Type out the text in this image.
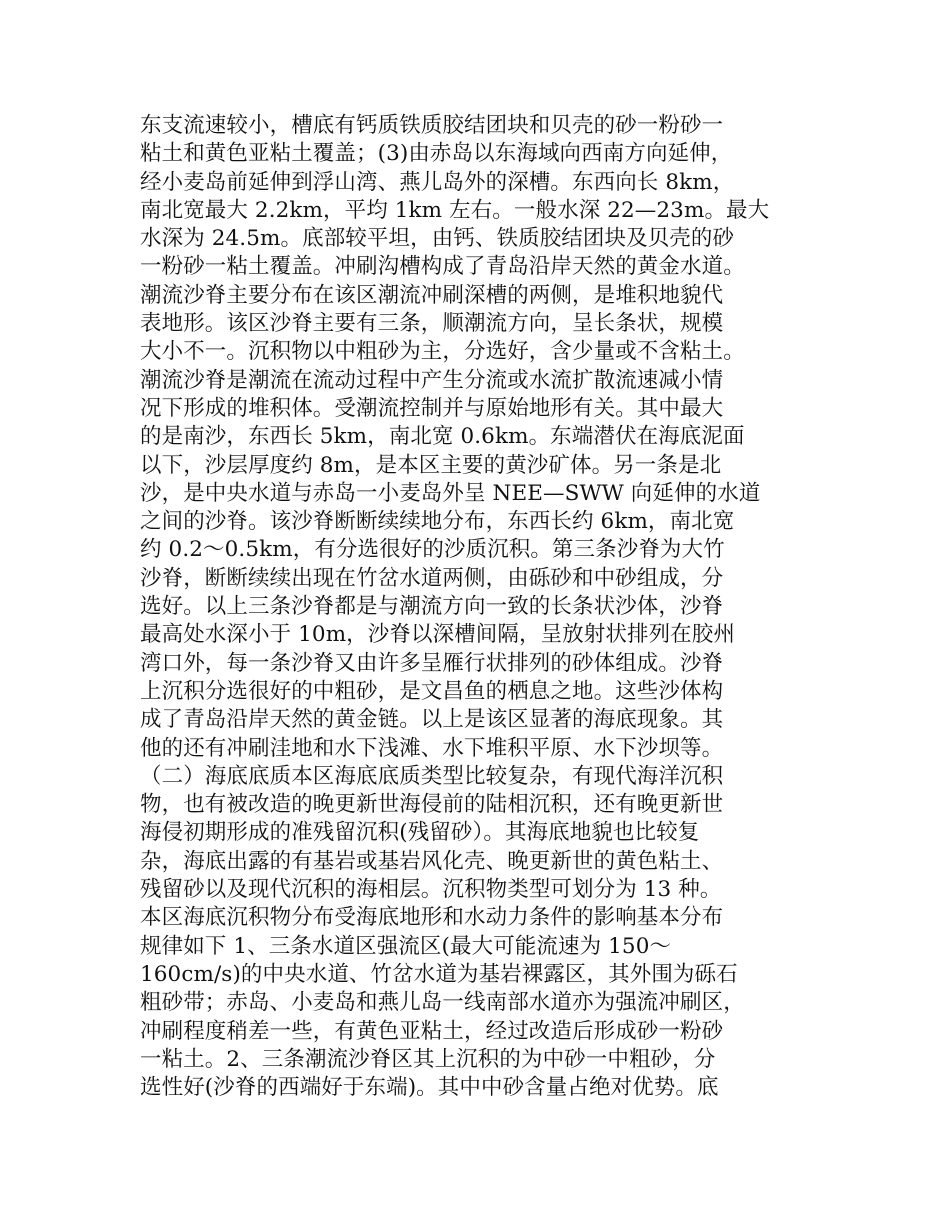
东支流速较小，槽底有钙质铁质胶结团块和贝壳的砂一粉砂一
粘土和黄色亚粘土覆盖；(3)由赤岛以东海域向西南方向延伸，
经小麦岛前延伸到浮山湾、燕儿岛外的深槽。东西向长 8km，
南北宽最大 2.2km，平均 1km 左右。一般水深 22—23m。最大
水深为 24.5m。底部较平坦，由钙、铁质胶结团块及贝壳的砂
一粉砂一粘土覆盖。冲刷沟槽构成了青岛沿岸天然的黄金水道。
潮流沙脊主要分布在该区潮流冲刷深槽的两侧，是堆积地貌代
表地形。该区沙脊主要有三条，顺潮流方向，呈长条状，规模
大小不一。沉积物以中粗砂为主，分选好，含少量或不含粘土。
潮流沙脊是潮流在流动过程中产生分流或水流扩散流速减小情
况下形成的堆积体。受潮流控制并与原始地形有关。其中最大
的是南沙，东西长 5km，南北宽 0.6km。东端潜伏在海底泥面
以下，沙层厚度约 8m，是本区主要的黄沙矿体。另一条是北
沙，是中央水道与赤岛一小麦岛外呈 NEE—SWW 向延伸的水道
之间的沙脊。该沙脊断断续续地分布，东西长约 6km，南北宽
约 0.2～0.5km，有分选很好的沙质沉积。第三条沙脊为大竹
沙脊，断断续续出现在竹岔水道两侧，由砾砂和中砂组成，分
选好。以上三条沙脊都是与潮流方向一致的长条状沙体，沙脊
最高处水深小于 10m，沙脊以深槽间隔，呈放射状排列在胶州
湾口外，每一条沙脊又由许多呈雁行状排列的砂体组成。沙脊
上沉积分选很好的中粗砂，是文昌鱼的栖息之地。这些沙体构
成了青岛沿岸天然的黄金链。以上是该区显著的海底现象。其
他的还有冲刷洼地和水下浅滩、水下堆积平原、水下沙坝等。
（二）海底底质本区海底底质类型比较复杂，有现代海洋沉积
物，也有被改造的晚更新世海侵前的陆相沉积，还有晚更新世
海侵初期形成的准残留沉积(残留砂）。其海底地貌也比较复
杂，海底出露的有基岩或基岩风化壳、晚更新世的黄色粘土、
残留砂以及现代沉积的海相层。沉积物类型可划分为 13 种。
本区海底沉积物分布受海底地形和水动力条件的影响基本分布
规律如下 1、三条水道区强流区(最大可能流速为 150～
160cm/s)的中央水道、竹岔水道为基岩裸露区，其外围为砾石
粗砂带；赤岛、小麦岛和燕儿岛一线南部水道亦为强流冲刷区，
冲刷程度稍差一些，有黄色亚粘土，经过改造后形成砂一粉砂
一粘土。2、三条潮流沙脊区其上沉积的为中砂一中粗砂，分
选性好(沙脊的西端好于东端)。其中中砂含量占绝对优势。底
